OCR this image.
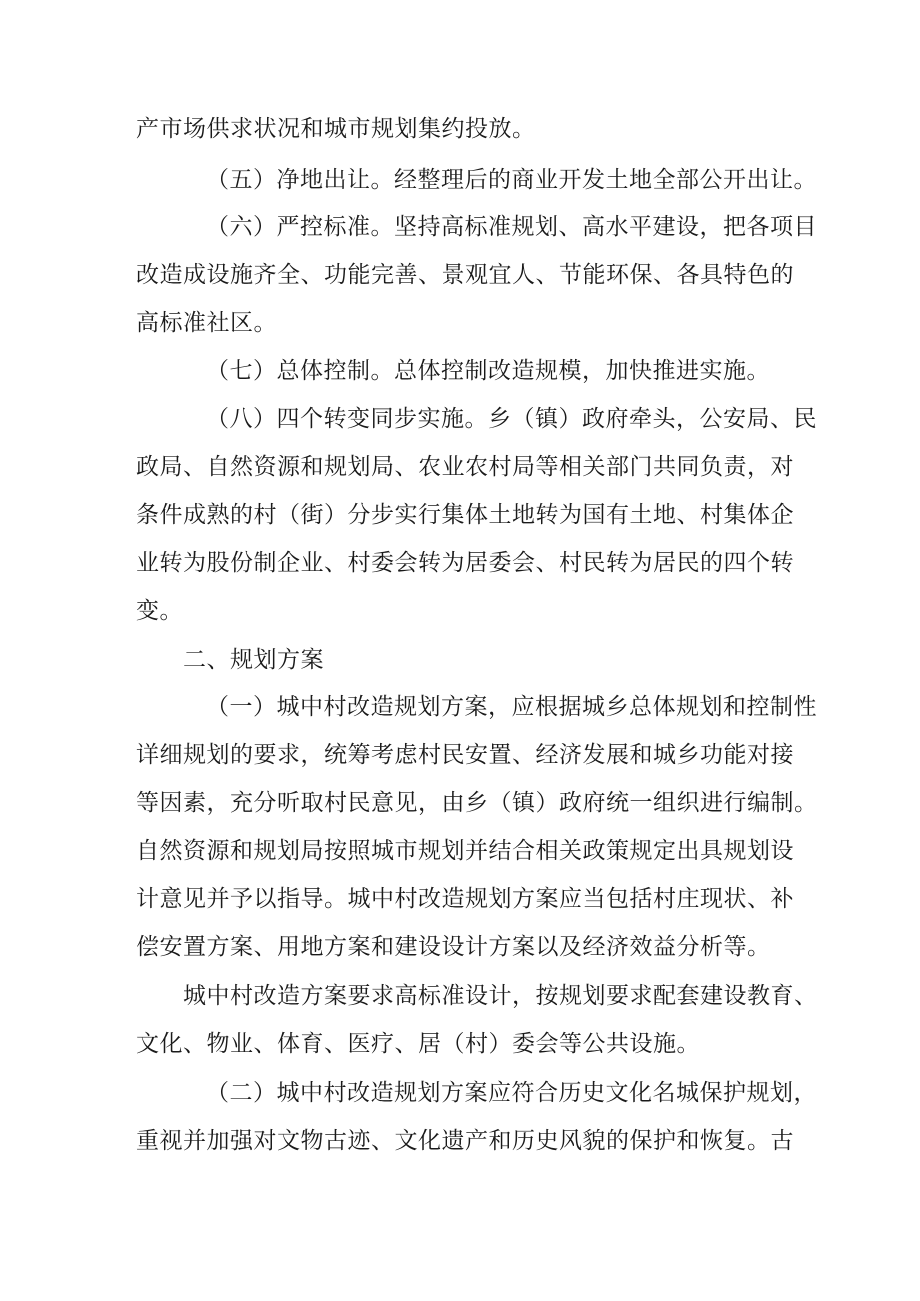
产市场供求状况和城市规划集约投放。
（五）净地出让。经整理后的商业开发土地全部公开出让。
（六）严控标准。坚持高标准规划、高水平建设，把各项目
改造成设施齐全、功能完善、景观宜人、节能环保、各具特色的
高标准社区。
（七）总体控制。总体控制改造规模，加快推进实施。
（八）四个转变同步实施。乡（镇）政府牵头，公安局、民
政局、自然资源和规划局、农业农村局等相关部门共同负责，对
条件成熟的村（街）分步实行集体土地转为国有土地、村集体企
业转为股份制企业、村委会转为居委会、村民转为居民的四个转
变。
二、规划方案
（一）城中村改造规划方案，应根据城乡总体规划和控制性
详细规划的要求，统筹考虑村民安置、经济发展和城乡功能对接
等因素，充分听取村民意见，由乡（镇）政府统一组织进行编制。
自然资源和规划局按照城市规划并结合相关政策规定出具规划设
计意见并予以指导。城中村改造规划方案应当包括村庄现状、补
偿安置方案、用地方案和建设设计方案以及经济效益分析等。
城中村改造方案要求高标准设计，按规划要求配套建设教育、
文化、物业、体育、医疗、居（村）委会等公共设施。
（二）城中村改造规划方案应符合历史文化名城保护规划，
重视并加强对文物古迹、文化遗产和历史风貌的保护和恢复。古
